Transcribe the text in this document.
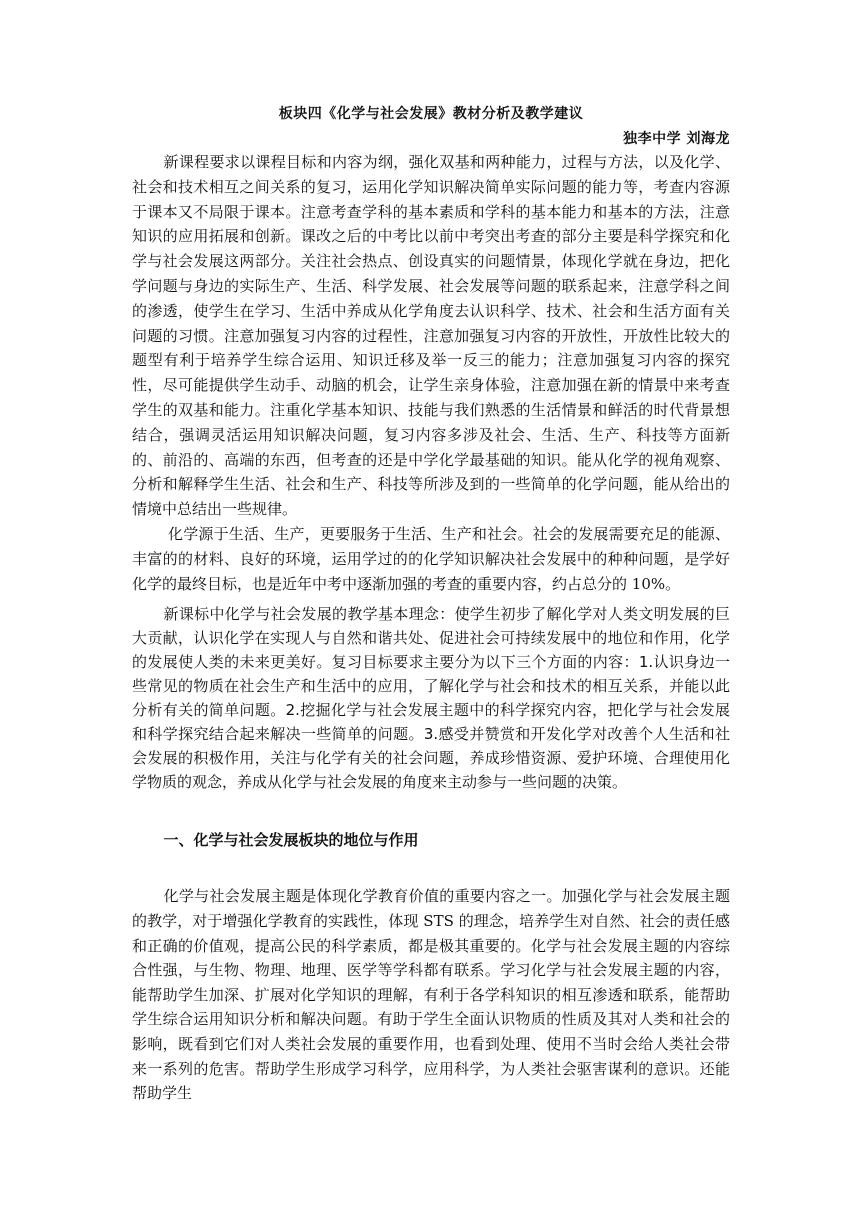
板块四《化学与社会发展》教材分析及教学建议
独李中学 刘海龙

新课程要求以课程目标和内容为纲，强化双基和两种能力，过程与方法，以及化学、社会和技术相互之间关系的复习，运用化学知识解决简单实际问题的能力等，考查内容源于课本又不局限于课本。注意考查学科的基本素质和学科的基本能力和基本的方法，注意知识的应用拓展和创新。课改之后的中考比以前中考突出考查的部分主要是科学探究和化学与社会发展这两部分。关注社会热点、创设真实的问题情景，体现化学就在身边，把化学问题与身边的实际生产、生活、科学发展、社会发展等问题的联系起来，注意学科之间的渗透，使学生在学习、生活中养成从化学角度去认识科学、技术、社会和生活方面有关问题的习惯。注意加强复习内容的过程性，注意加强复习内容的开放性，开放性比较大的题型有利于培养学生综合运用、知识迁移及举一反三的能力；注意加强复习内容的探究性，尽可能提供学生动手、动脑的机会，让学生亲身体验，注意加强在新的情景中来考查学生的双基和能力。注重化学基本知识、技能与我们熟悉的生活情景和鲜活的时代背景想结合，强调灵活运用知识解决问题，复习内容多涉及社会、生活、生产、科技等方面新的、前沿的、高端的东西，但考查的还是中学化学最基础的知识。能从化学的视角观察、分析和解释学生生活、社会和生产、科技等所涉及到的一些简单的化学问题，能从给出的情境中总结出一些规律。

化学源于生活、生产，更要服务于生活、生产和社会。社会的发展需要充足的能源、丰富的的材料、良好的环境，运用学过的的化学知识解决社会发展中的种种问题，是学好化学的最终目标，也是近年中考中逐渐加强的考查的重要内容，约占总分的 10%。

新课标中化学与社会发展的教学基本理念：使学生初步了解化学对人类文明发展的巨大贡献，认识化学在实现人与自然和谐共处、促进社会可持续发展中的地位和作用，化学的发展使人类的未来更美好。复习目标要求主要分为以下三个方面的内容：1.认识身边一些常见的物质在社会生产和生活中的应用，了解化学与社会和技术的相互关系，并能以此分析有关的简单问题。2.挖掘化学与社会发展主题中的科学探究内容，把化学与社会发展和科学探究结合起来解决一些简单的问题。3.感受并赞赏和开发化学对改善个人生活和社会发展的积极作用，关注与化学有关的社会问题，养成珍惜资源、爱护环境、合理使用化学物质的观念，养成从化学与社会发展的角度来主动参与一些问题的决策。

一、化学与社会发展板块的地位与作用

化学与社会发展主题是体现化学教育价值的重要内容之一。加强化学与社会发展主题的教学，对于增强化学教育的实践性，体现 STS 的理念，培养学生对自然、社会的责任感和正确的价值观，提高公民的科学素质，都是极其重要的。化学与社会发展主题的内容综合性强，与生物、物理、地理、医学等学科都有联系。学习化学与社会发展主题的内容，能帮助学生加深、扩展对化学知识的理解，有利于各学科知识的相互渗透和联系，能帮助学生综合运用知识分析和解决问题。有助于学生全面认识物质的性质及其对人类和社会的影响，既看到它们对人类社会发展的重要作用，也看到处理、使用不当时会给人类社会带来一系列的危害。帮助学生形成学习科学，应用科学，为人类社会驱害谋利的意识。还能帮助学生
